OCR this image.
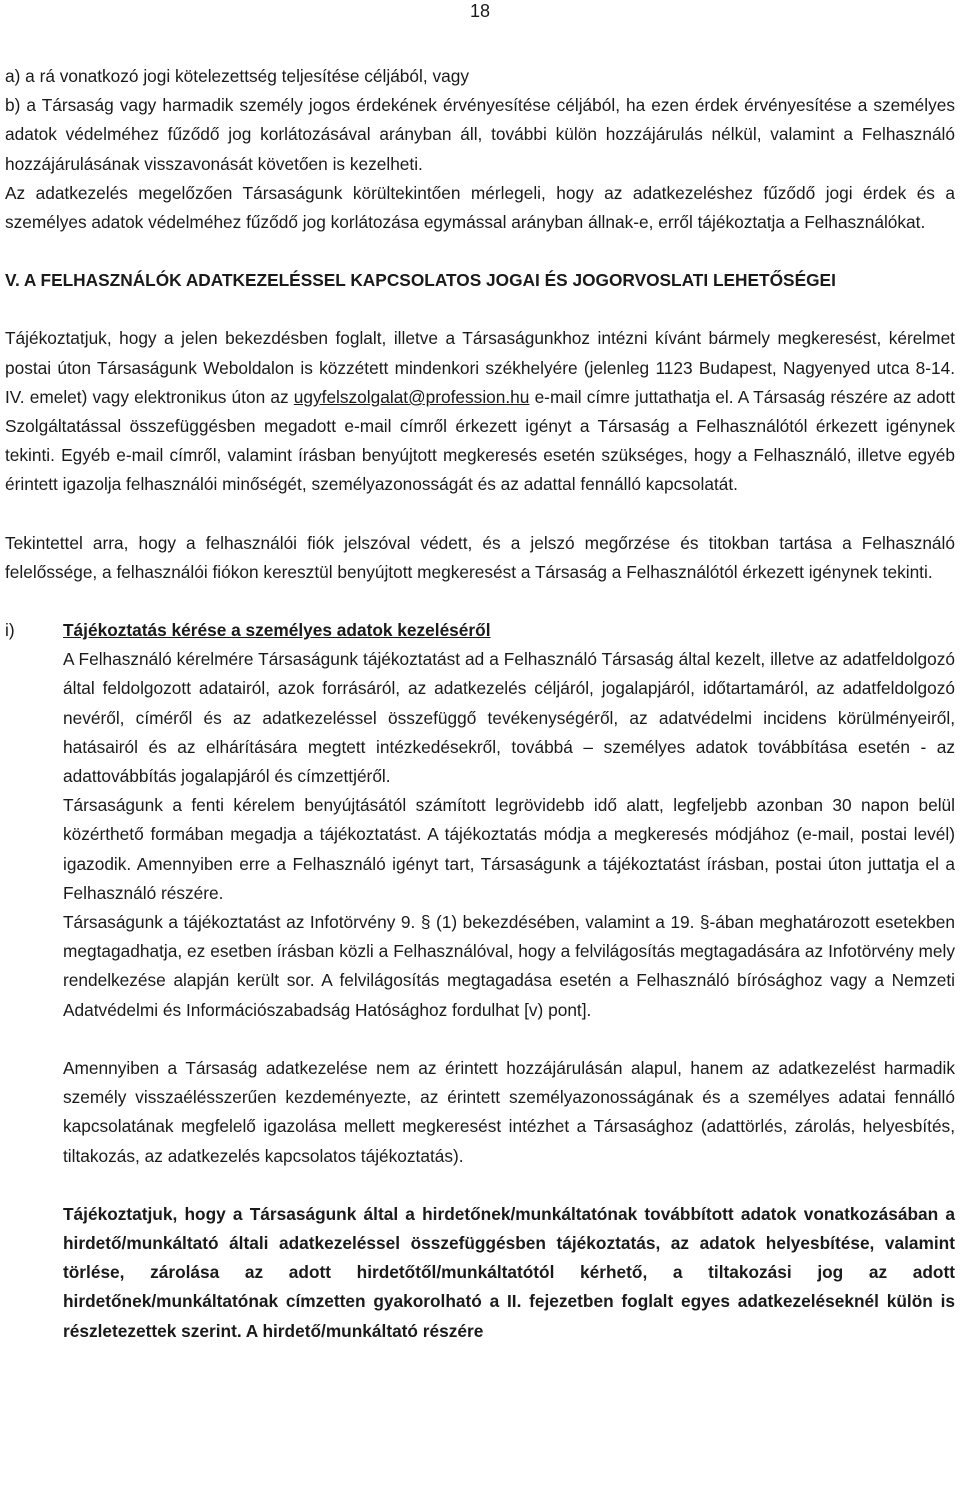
18

a) a rá vonatkozó jogi kötelezettség teljesítése céljából, vagy

b) a Társaság vagy harmadik személy jogos érdekének érvényesítése céljából, ha ezen érdek érvényesítése a személyes adatok védelméhez fűződő jog korlátozásával arányban áll, további külön hozzájárulás nélkül, valamint a Felhasználó hozzájárulásának visszavonását követően is kezelheti.

Az adatkezelés megelőzően Társaságunk körültekintően mérlegeli, hogy az adatkezeléshez fűződő jogi érdek és a személyes adatok védelméhez fűződő jog korlátozása egymással arányban állnak-e, erről tájékoztatja a Felhasználókat.

V. A FELHASZNÁLÓK ADATKEZELÉSSEL KAPCSOLATOS JOGAI ÉS JOGORVOSLATI LEHETŐSÉGEI

Tájékoztatjuk, hogy a jelen bekezdésben foglalt, illetve a Társaságunkhoz intézni kívánt bármely megkeresést, kérelmet postai úton Társaságunk Weboldalon is közzétett mindenkori székhelyére (jelenleg 1123 Budapest, Nagyenyed utca 8-14. IV. emelet) vagy elektronikus úton az ugyfelszolgalat@profession.hu e-mail címre juttathatja el. A Társaság részére az adott Szolgáltatással összefüggésben megadott e-mail címről érkezett igényt a Társaság a Felhasználótól érkezett igénynek tekinti. Egyéb e-mail címről, valamint írásban benyújtott megkeresés esetén szükséges, hogy a Felhasználó, illetve egyéb érintett igazolja felhasználói minőségét, személyazonosságát és az adattal fennálló kapcsolatát.

Tekintettel arra, hogy a felhasználói fiók jelszóval védett, és a jelszó megőrzése és titokban tartása a Felhasználó felelőssége, a felhasználói fiókon keresztül benyújtott megkeresést a Társaság a Felhasználótól érkezett igénynek tekinti.

i)	Tájékoztatás kérése a személyes adatok kezeléséről

A Felhasználó kérelmére Társaságunk tájékoztatást ad a Felhasználó Társaság által kezelt, illetve az adatfeldolgozó által feldolgozott adatairól, azok forrásáról, az adatkezelés céljáról, jogalapjáról, időtartamáról, az adatfeldolgozó nevéről, címéről és az adatkezeléssel összefüggő tevékenységéről, az adatvédelmi incidens körülményeiről, hatásairól és az elhárítására megtett intézkedésekről, továbbá – személyes adatok továbbítása esetén - az adattovábbítás jogalapjáról és címzettjéről.

Társaságunk a fenti kérelem benyújtásától számított legrövidebb idő alatt, legfeljebb azonban 30 napon belül közérthető formában megadja a tájékoztatást. A tájékoztatás módja a megkeresés módjához (e-mail, postai levél) igazodik. Amennyiben erre a Felhasználó igényt tart, Társaságunk a tájékoztatást írásban, postai úton juttatja el a Felhasználó részére.

Társaságunk a tájékoztatást az Infotörvény 9. § (1) bekezdésében, valamint a 19. §-ában meghatározott esetekben megtagadhatja, ez esetben írásban közli a Felhasználóval, hogy a felvilágosítás megtagadására az Infotörvény mely rendelkezése alapján került sor. A felvilágosítás megtagadása esetén a Felhasználó bírósághoz vagy a Nemzeti Adatvédelmi és Információszabadság Hatósághoz fordulhat [v) pont].

Amennyiben a Társaság adatkezelése nem az érintett hozzájárulásán alapul, hanem az adatkezelést harmadik személy visszaélésszerűen kezdeményezte, az érintett személyazonosságának és a személyes adatai fennálló kapcsolatának megfelelő igazolása mellett megkeresést intézhet a Társasághoz (adattörlés, zárolás, helyesbítés, tiltakozás, az adatkezelés kapcsolatos tájékoztatás).

Tájékoztatjuk, hogy a Társaságunk által a hirdetőnek/munkáltatónak továbbított adatok vonatkozásában a hirdető/munkáltató általi adatkezeléssel összefüggésben tájékoztatás, az adatok helyesbítése, valamint törlése, zárolása az adott hirdetőtől/munkáltatótól kérhető, a tiltakozási jog az adott hirdetőnek/munkáltatónak címzetten gyakorolható a II. fejezetben foglalt egyes adatkezeléseknél külön is részletezettek szerint. A hirdető/munkáltató részére
